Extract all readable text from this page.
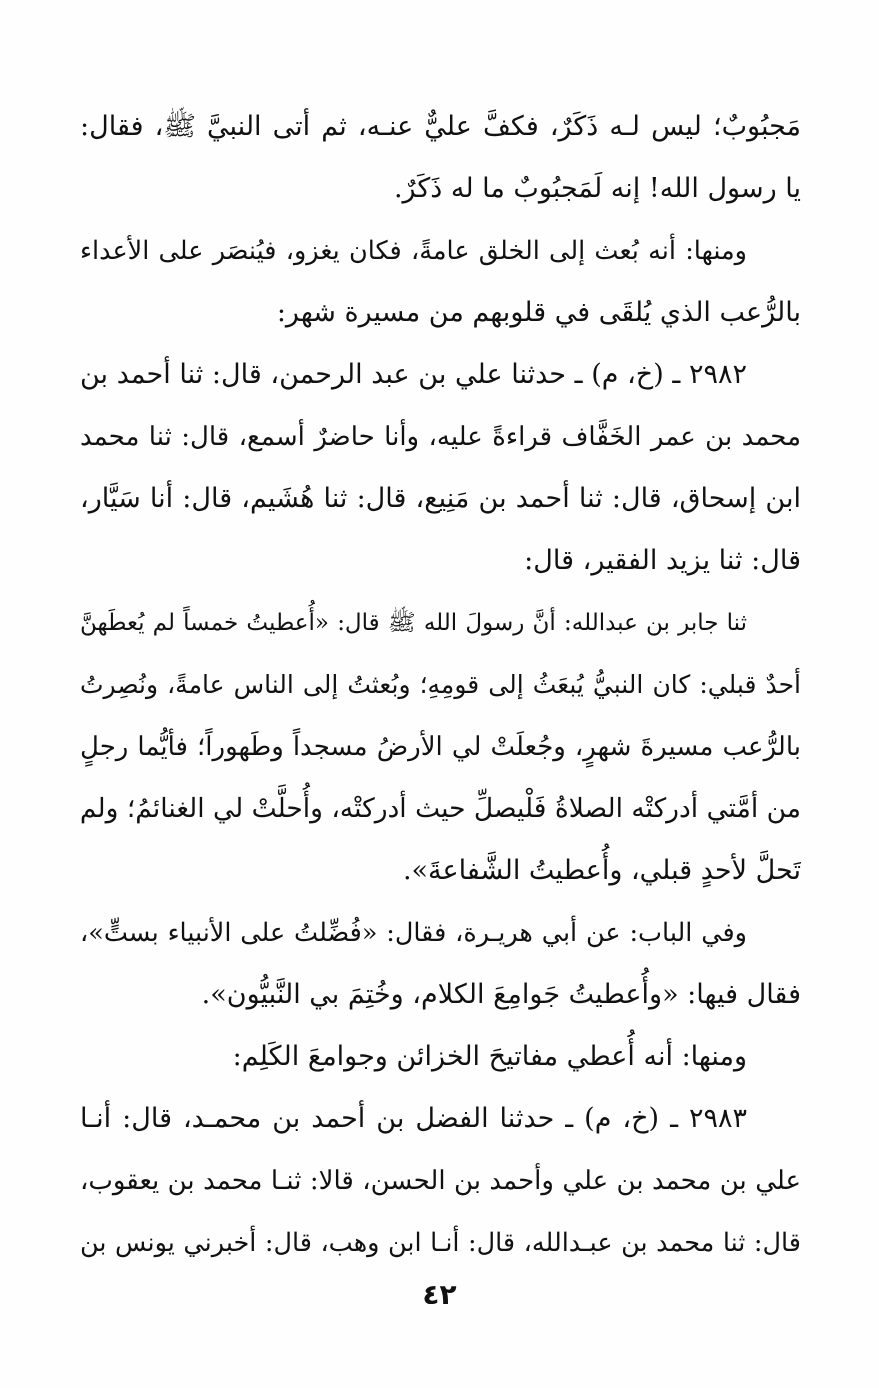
مَجبُوبٌ؛ ليس لـه ذَكَرٌ، فكفَّ عليٌّ عنـه، ثم أتى النبيَّ ﷺ، فقال:
يا رسول الله! إنه لَمَجبُوبٌ ما له ذَكَرٌ.
ومنها: أنه بُعث إلى الخلق عامةً، فكان يغزو، فيُنصَر على الأعداء
بالرُّعب الذي يُلقَى في قلوبهم من مسيرة شهر:
٢٩٨٢ ـ (خ، م) ـ حدثنا علي بن عبد الرحمن، قال: ثنا أحمد بن
محمد بن عمر الخَفَّاف قراءةً عليه، وأنا حاضرٌ أسمع، قال: ثنا محمد
ابن إسحاق، قال: ثنا أحمد بن مَنِيع، قال: ثنا هُشَيم، قال: أنا سَيَّار،
قال: ثنا يزيد الفقير، قال:
ثنا جابر بن عبدالله: أنَّ رسولَ الله ﷺ قال: «أُعطيتُ خمساً لم يُعطَهنَّ
أحدٌ قبلي: كان النبيُّ يُبعَثُ إلى قومِهِ؛ وبُعثتُ إلى الناس عامةً، ونُصِرتُ
بالرُّعب مسيرةَ شهرٍ، وجُعلَتْ لي الأرضُ مسجداً وطَهوراً؛ فأيُّما رجلٍ
من أمَّتي أدركتْه الصلاةُ فَلْيصلِّ حيث أدركتْه، وأُحلَّتْ لي الغنائمُ؛ ولم
تَحلَّ لأحدٍ قبلي، وأُعطيتُ الشَّفاعةَ».
وفي الباب: عن أبي هريـرة، فقال: «فُضِّلتُ على الأنبياء بستٍّ»،
فقال فيها: «وأُعطيتُ جَوامِعَ الكلام، وخُتِمَ بي النَّبيُّون».
ومنها: أنه أُعطي مفاتيحَ الخزائن وجوامعَ الكَلِم:
٢٩٨٣ ـ (خ، م) ـ حدثنا الفضل بن أحمد بن محمـد، قال: أنـا
علي بن محمد بن علي وأحمد بن الحسن، قالا: ثنـا محمد بن يعقوب،
قال: ثنا محمد بن عبـدالله، قال: أنـا ابن وهب، قال: أخبرني يونس بن
٤٢
